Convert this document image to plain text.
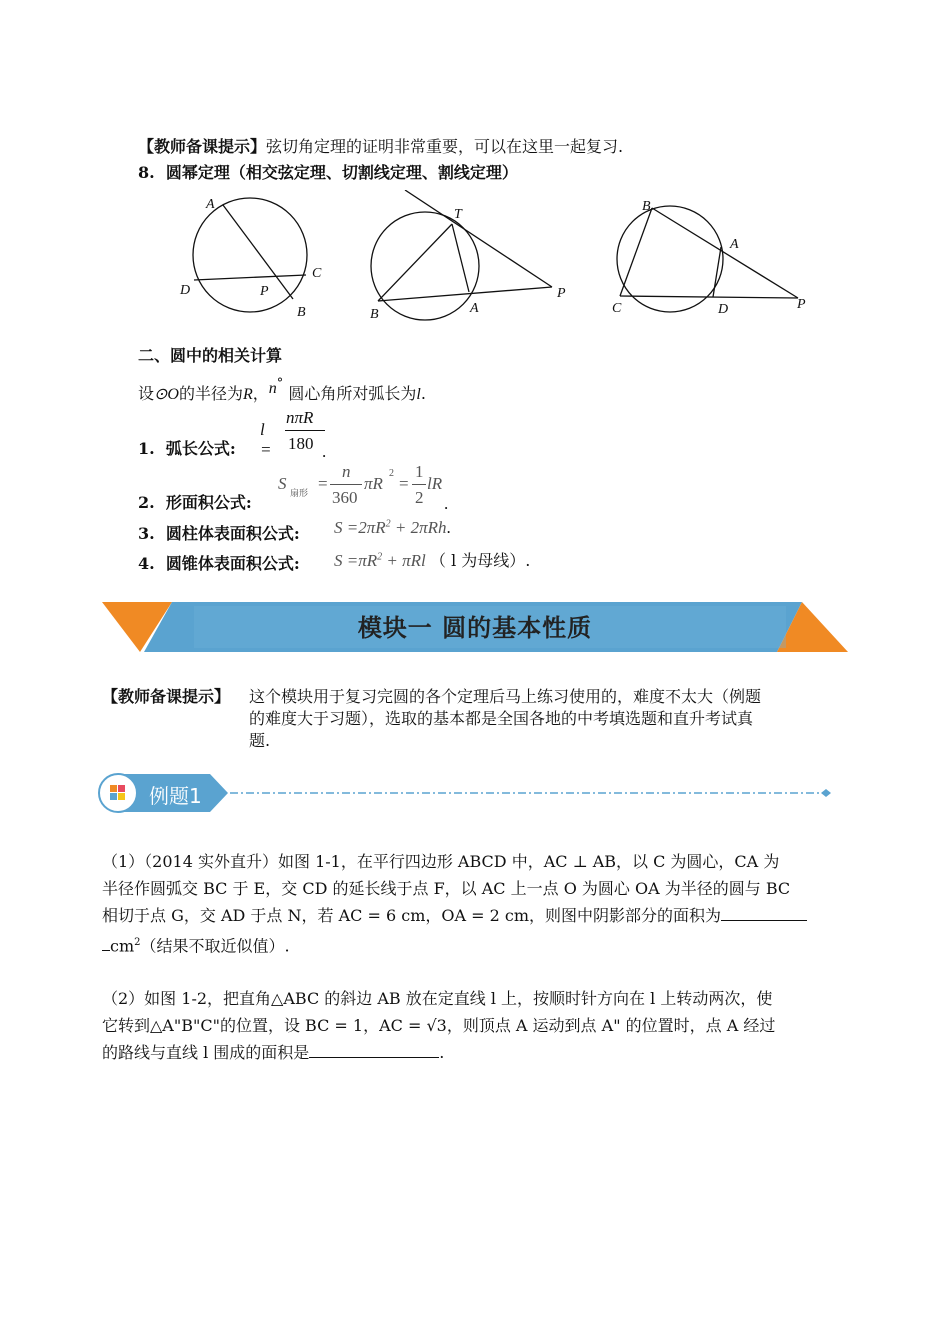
【教师备课提示】弦切角定理的证明非常重要，可以在这里一起复习.
8. 圆幂定理（相交弦定理、切割线定理、割线定理）
A
C
D	P
B
T
B	A
P
B
A
C	D	P
二、圆中的相关计算
设⊙O的半径为R，n° 圆心角所对弧长为l.
1. 弧长公式:
l =
nπR
180 .
2. 形面积公式:
S 扇形 =
n
360
πR
2
=
1
2
lR
.
3. 圆柱体表面积公式: $S =2\pi R^2 + 2\pi Rh$.
4. 圆锥体表面积公式: $S =\pi R^2 + \pi Rl$ （ l 为母线）.
模块一 圆的基本性质
【教师备课提示】 这个模块用于复习完圆的各个定理后马上练习使用的，难度不太大（例题
的难度大于习题），选取的基本都是全国各地的中考填选题和直升考试真
题.
例题1
（1）（2014 实外直升）如图 1-1，在平行四边形 ABCD 中，AC ⊥ AB，以 C 为圆心，CA 为
半径作圆弧交 BC 于 E，交 CD 的延长线于点 F，以 AC 上一点 O 为圆心 OA 为半径的圆与 BC
相切于点 G，交 AD 于点 N，若 AC = 6 cm，OA = 2 cm，则图中阴影部分的面积为
$cm^2$（结果不取近似值）.
（2）如图 1-2，把直角△ABC 的斜边 AB 放在定直线 l 上，按顺时针方向在 l 上转动两次，使
它转到△A"B"C"的位置，设 BC = 1，AC = √3，则顶点 A 运动到点 A" 的位置时，点 A 经过
的路线与直线 l 围成的面积是	.
